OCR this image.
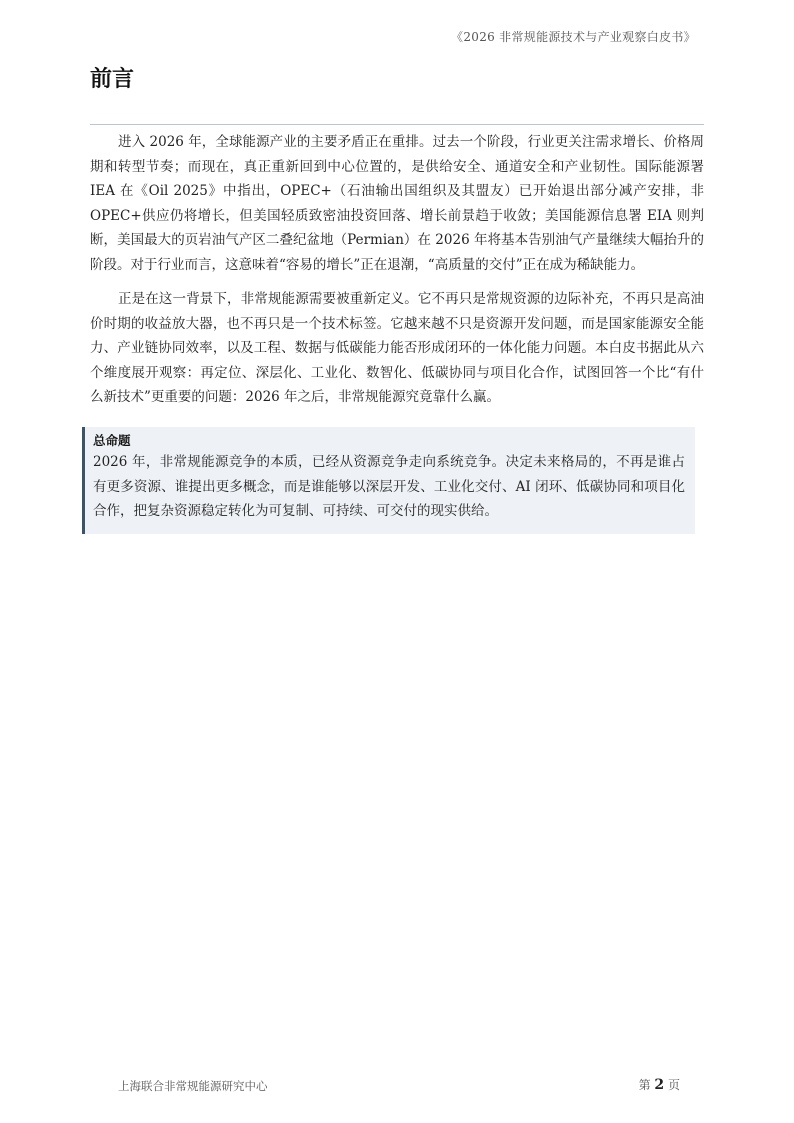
《2026 非常规能源技术与产业观察白皮书》
前言

进入 2026 年，全球能源产业的主要矛盾正在重排。过去一个阶段，行业更关注需求增长、价格周期和转型节奏；而现在，真正重新回到中心位置的，是供给安全、通道安全和产业韧性。国际能源署 IEA 在《Oil 2025》中指出，OPEC+（石油输出国组织及其盟友）已开始退出部分减产安排，非 OPEC+供应仍将增长，但美国轻质致密油投资回落、增长前景趋于收敛；美国能源信息署 EIA 则判断，美国最大的页岩油气产区二叠纪盆地（Permian）在 2026 年将基本告别油气产量继续大幅抬升的阶段。对于行业而言，这意味着“容易的增长”正在退潮，“高质量的交付”正在成为稀缺能力。

正是在这一背景下，非常规能源需要被重新定义。它不再只是常规资源的边际补充，不再只是高油价时期的收益放大器，也不再只是一个技术标签。它越来越不只是资源开发问题，而是国家能源安全能力、产业链协同效率，以及工程、数据与低碳能力能否形成闭环的一体化能力问题。本白皮书据此从六个维度展开观察：再定位、深层化、工业化、数智化、低碳协同与项目化合作，试图回答一个比“有什么新技术”更重要的问题：2026 年之后，非常规能源究竟靠什么赢。

总命题

2026 年，非常规能源竞争的本质，已经从资源竞争走向系统竞争。决定未来格局的，不再是谁占有更多资源、谁提出更多概念，而是谁能够以深层开发、工业化交付、AI 闭环、低碳协同和项目化合作，把复杂资源稳定转化为可复制、可持续、可交付的现实供给。

上海联合非常规能源研究中心	第 2 页
